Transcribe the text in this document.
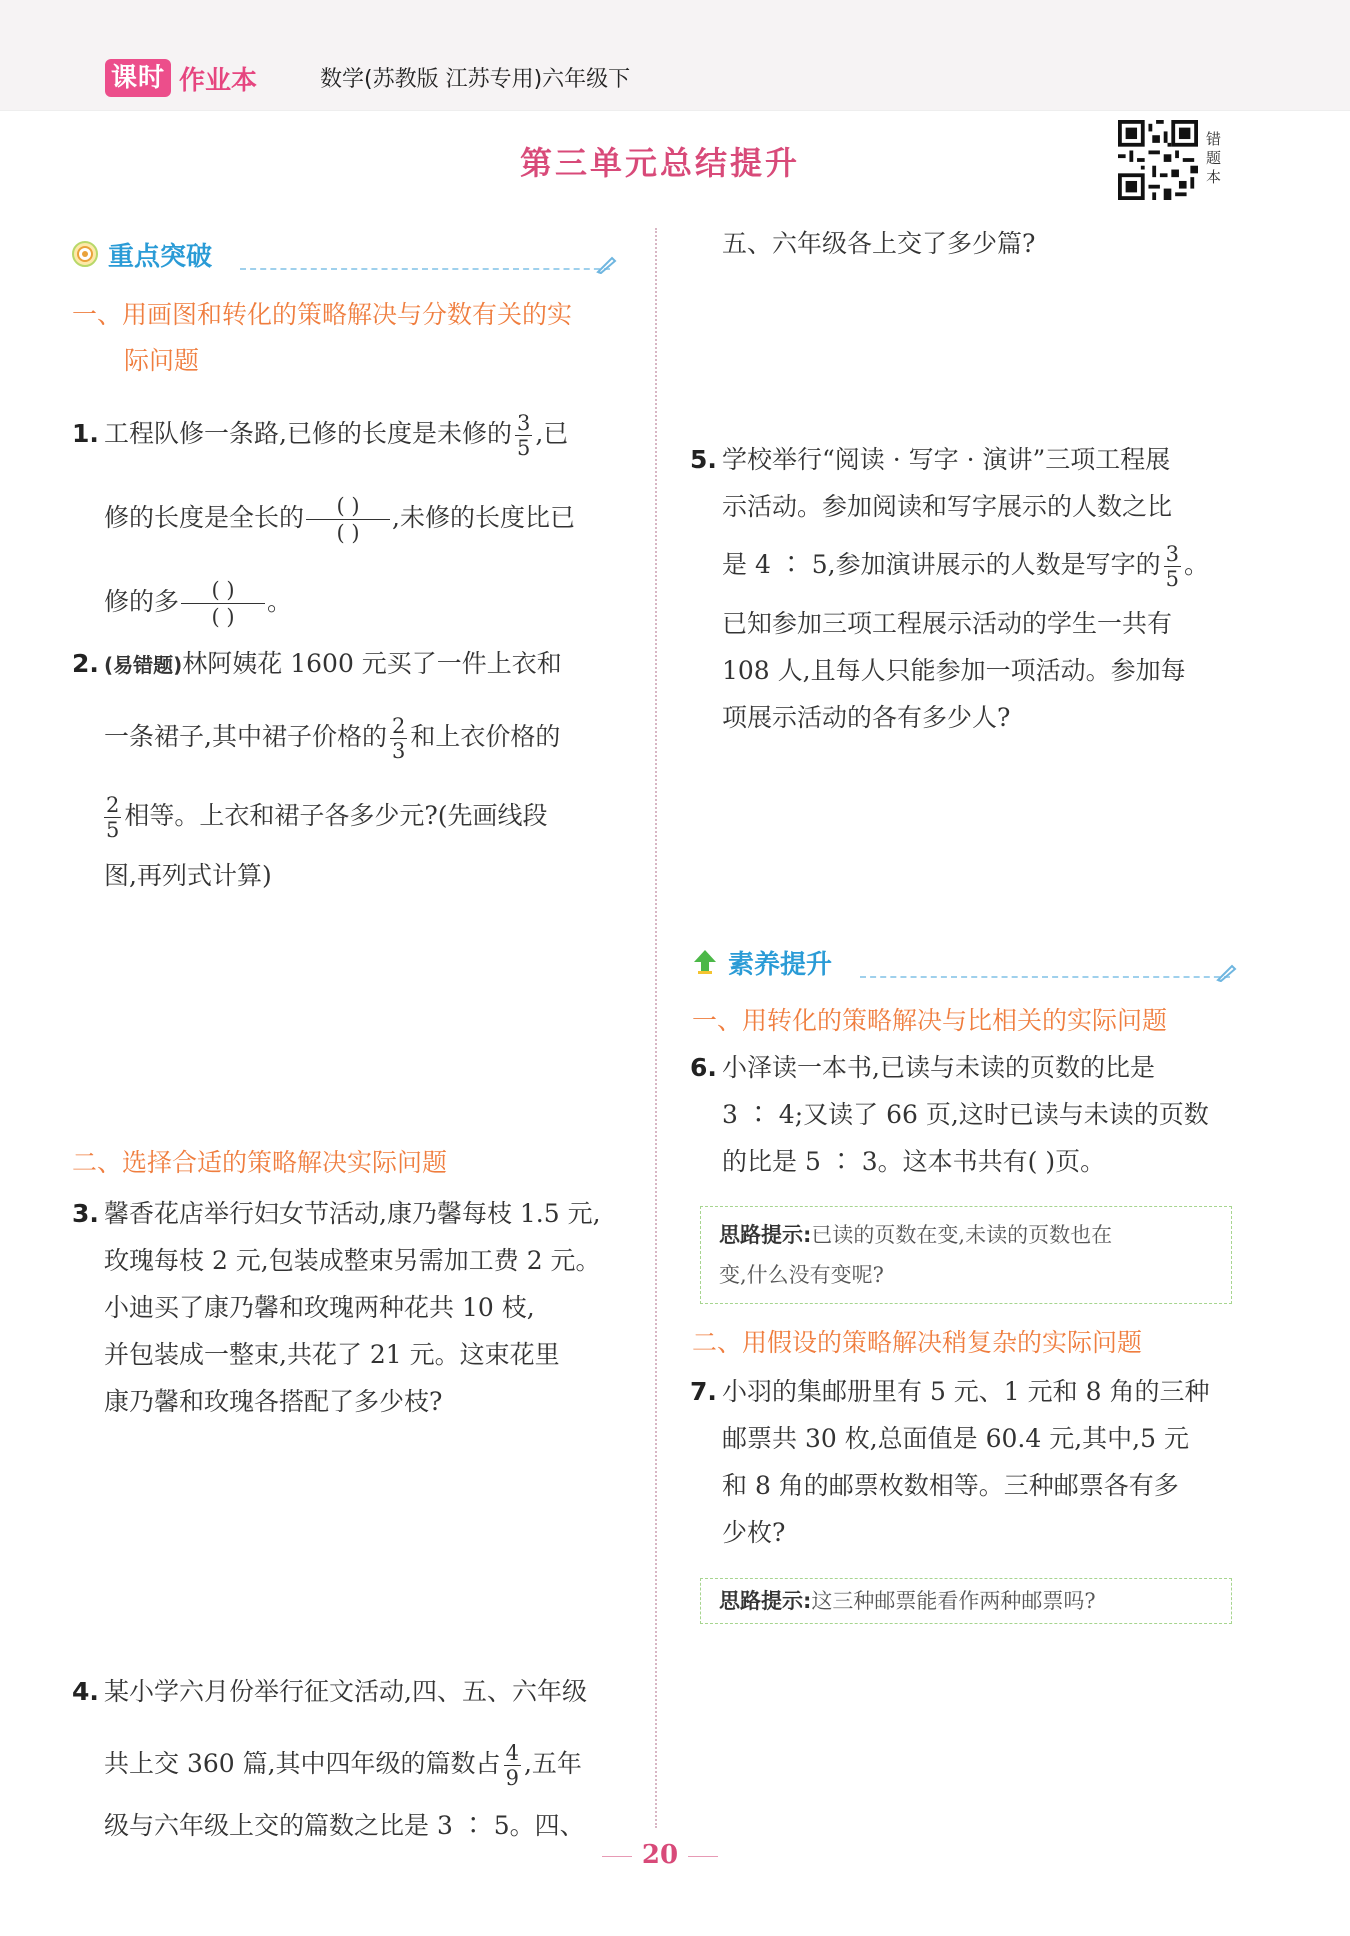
课时 作业本	数学(苏教版 江苏专用)六年级下
第三单元总结提升
错题本
重点突破
一、用画图和转化的策略解决与分数有关的实
际问题
1. 工程队修一条路,已修的长度是未修的 $\frac{3}{5}$ ,已
修的长度是全长的 $\frac{( )}{( )}$,未修的长度比已
修的多 $\frac{( )}{( )}$。
2. (易错题)林阿姨花 1600 元买了一件上衣和
一条裙子,其中裙子价格的 $\frac{2}{3}$ 和上衣价格的
$\frac{2}{5}$ 相等。上衣和裙子各多少元?(先画线段
图,再列式计算)
二、选择合适的策略解决实际问题
3. 馨香花店举行妇女节活动,康乃馨每枝 1.5 元,
玫瑰每枝 2 元,包装成整束另需加工费 2 元。
小迪买了康乃馨和玫瑰两种花共 10 枝,
并包装成一整束,共花了 21 元。这束花里
康乃馨和玫瑰各搭配了多少枝?
4. 某小学六月份举行征文活动,四、五、六年级
共上交 360 篇,其中四年级的篇数占 $\frac{4}{9}$ ,五年
级与六年级上交的篇数之比是 3 ∶ 5。四、
五、六年级各上交了多少篇?
5. 学校举行“阅读 · 写字 · 演讲”三项工程展
示活动。参加阅读和写字展示的人数之比
是 4 ∶ 5,参加演讲展示的人数是写字的 $\frac{3}{5}$ 。
已知参加三项工程展示活动的学生一共有
108 人,且每人只能参加一项活动。参加每
项展示活动的各有多少人?
素养提升
一、用转化的策略解决与比相关的实际问题
6. 小泽读一本书,已读与未读的页数的比是
3 ∶ 4;又读了 66 页,这时已读与未读的页数
的比是 5 ∶ 3。这本书共有( )页。
思路提示:已读的页数在变,未读的页数也在
变,什么没有变呢?
二、用假设的策略解决稍复杂的实际问题
7. 小羽的集邮册里有 5 元、1 元和 8 角的三种
邮票共 30 枚,总面值是 60.4 元,其中,5 元
和 8 角的邮票枚数相等。三种邮票各有多
少枚?
思路提示:这三种邮票能看作两种邮票吗?
20
